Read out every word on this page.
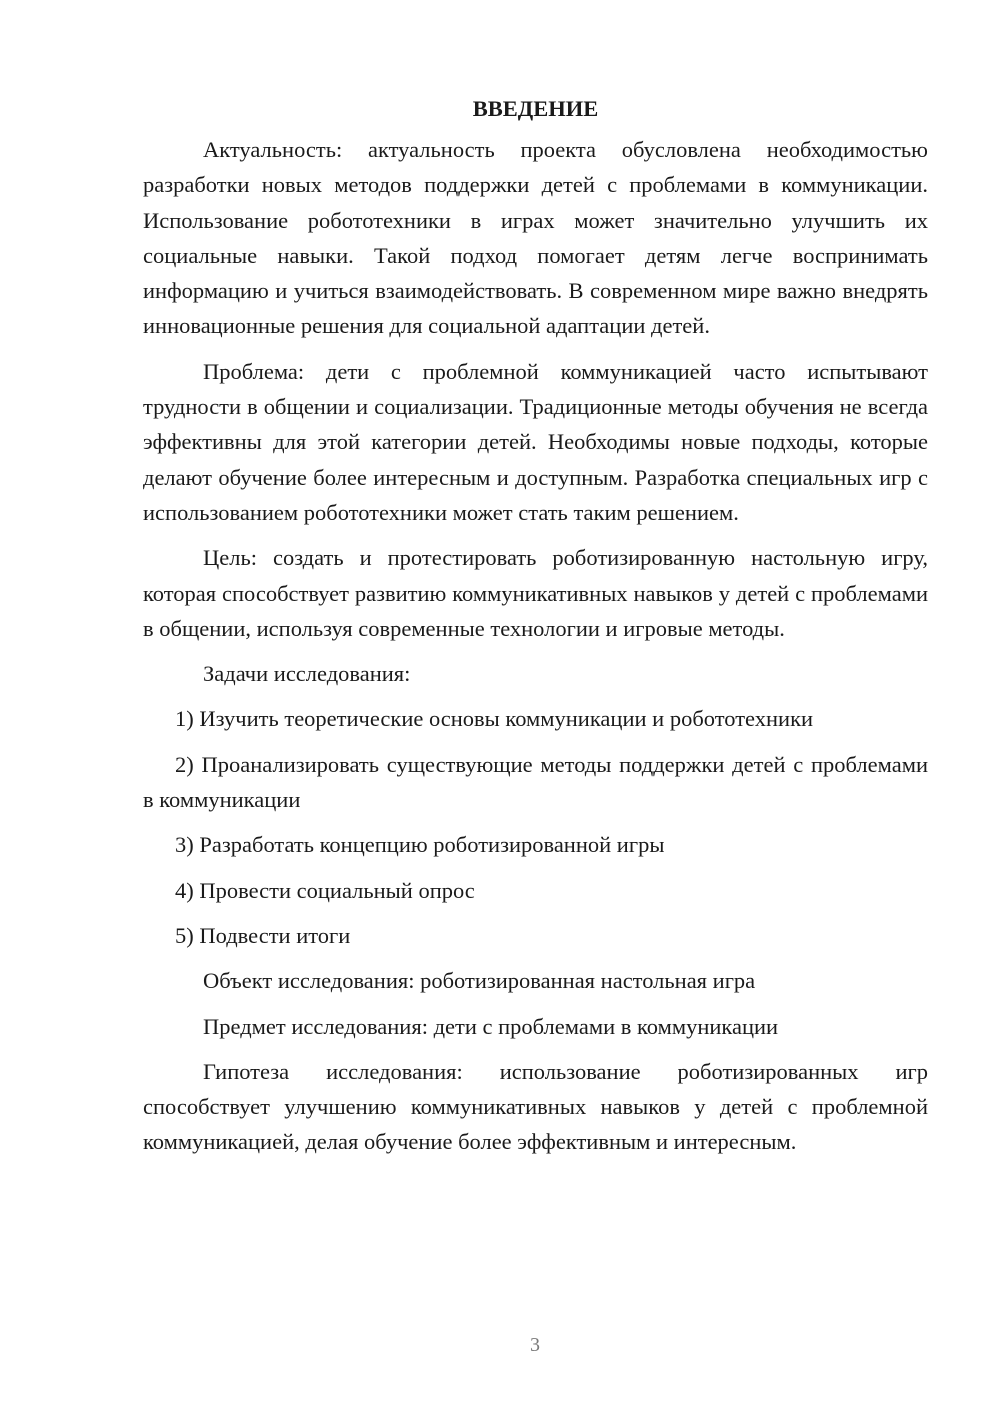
ВВЕДЕНИЕ

Актуальность: актуальность проекта обусловлена необходимостью разработки новых методов поддержки детей с проблемами в коммуникации. Использование робототехники в играх может значительно улучшить их социальные навыки. Такой подход помогает детям легче воспринимать информацию и учиться взаимодействовать. В современном мире важно внедрять инновационные решения для социальной адаптации детей.

Проблема: дети с проблемной коммуникацией часто испытывают трудности в общении и социализации. Традиционные методы обучения не всегда эффективны для этой категории детей. Необходимы новые подходы, которые делают обучение более интересным и доступным. Разработка специальных игр с использованием робототехники может стать таким решением.

Цель: создать и протестировать роботизированную настольную игру, которая способствует развитию коммуникативных навыков у детей с проблемами в общении, используя современные технологии и игровые методы.

Задачи исследования:

1) Изучить теоретические основы коммуникации и робототехники

2) Проанализировать существующие методы поддержки детей с проблемами в коммуникации

3) Разработать концепцию роботизированной игры

4) Провести социальный опрос

5) Подвести итоги

Объект исследования: роботизированная настольная игра

Предмет исследования: дети с проблемами в коммуникации

Гипотеза исследования: использование роботизированных игр способствует улучшению коммуникативных навыков у детей с проблемной коммуникацией, делая обучение более эффективным и интересным.

3
